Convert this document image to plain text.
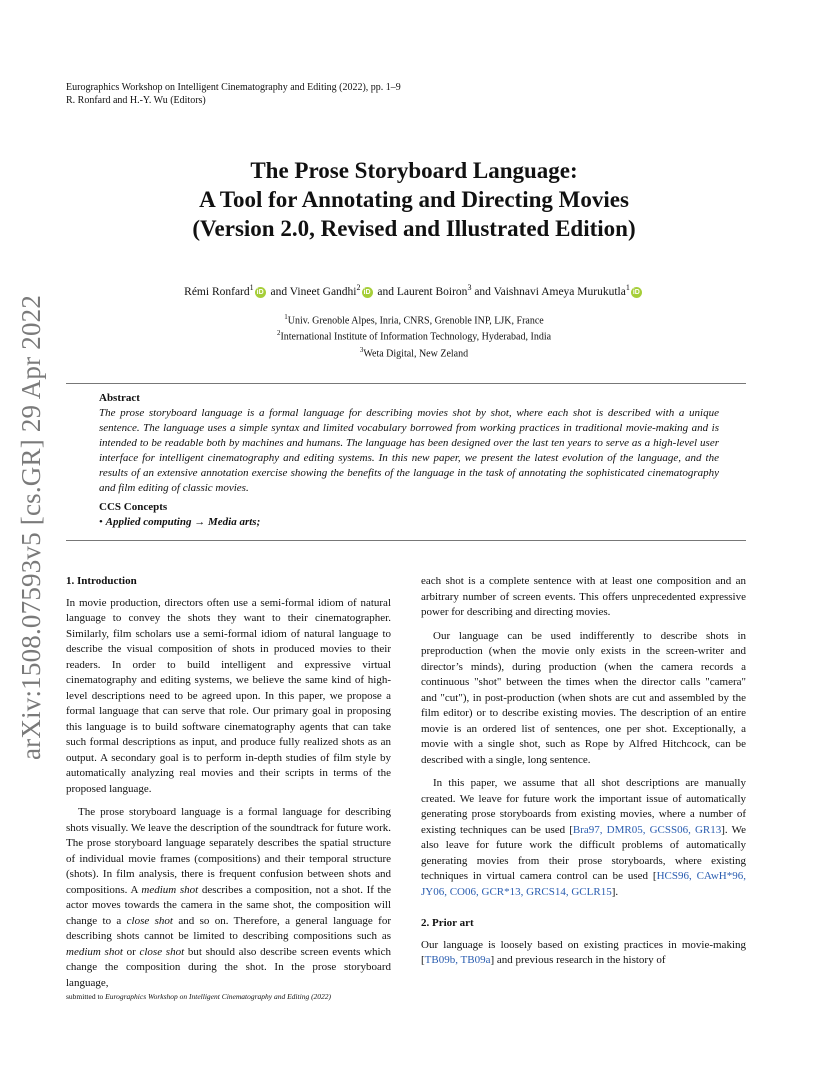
Eurographics Workshop on Intelligent Cinematography and Editing (2022), pp. 1–9
R. Ronfard and H.-Y. Wu (Editors)
arXiv:1508.07593v5 [cs.GR] 29 Apr 2022
The Prose Storyboard Language:
A Tool for Annotating and Directing Movies
(Version 2.0, Revised and Illustrated Edition)
Rémi Ronfard$^1$iD and Vineet Gandhi$^2$iD and Laurent Boiron$^3$ and Vaishnavi Ameya Murukutla$^1$iD
$^1$Univ. Grenoble Alpes, Inria, CNRS, Grenoble INP, LJK, France
$^2$International Institute of Information Technology, Hyderabad, India
$^3$Weta Digital, New Zeland
Abstract
The prose storyboard language is a formal language for describing movies shot by shot, where each shot is described with a unique sentence. The language uses a simple syntax and limited vocabulary borrowed from working practices in traditional movie-making and is intended to be readable both by machines and humans. The language has been designed over the last ten years to serve as a high-level user interface for intelligent cinematography and editing systems. In this new paper, we present the latest evolution of the language, and the results of an extensive annotation exercise showing the benefits of the language in the task of annotating the sophisticated cinematography and film editing of classic movies.
CCS Concepts
• Applied computing → Media arts;
1. Introduction

In movie production, directors often use a semi-formal idiom of natural language to convey the shots they want to their cinematographer. Similarly, film scholars use a semi-formal idiom of natural language to describe the visual composition of shots in produced movies to their readers. In order to build intelligent and expressive virtual cinematography and editing systems, we believe the same kind of high-level descriptions need to be agreed upon. In this paper, we propose a formal language that can serve that role. Our primary goal in proposing this language is to build software cinematography agents that can take such formal descriptions as input, and produce fully realized shots as an output. A secondary goal is to perform in-depth studies of film style by automatically analyzing real movies and their scripts in terms of the proposed language.

The prose storyboard language is a formal language for describing shots visually. We leave the description of the soundtrack for future work. The prose storyboard language separately describes the spatial structure of individual movie frames (compositions) and their temporal structure (shots). In film analysis, there is frequent confusion between shots and compositions. A medium shot describes a composition, not a shot. If the actor moves towards the camera in the same shot, the composition will change to a close shot and so on. Therefore, a general language for describing shots cannot be limited to describing compositions such as medium shot or close shot but should also describe screen events which change the composition during the shot. In the prose storyboard language,

each shot is a complete sentence with at least one composition and an arbitrary number of screen events. This offers unprecedented expressive power for describing and directing movies.

Our language can be used indifferently to describe shots in preproduction (when the movie only exists in the screen-writer and director’s minds), during production (when the camera records a continuous "shot" between the times when the director calls "camera" and "cut"), in post-production (when shots are cut and assembled by the film editor) or to describe existing movies. The description of an entire movie is an ordered list of sentences, one per shot. Exceptionally, a movie with a single shot, such as Rope by Alfred Hitchcock, can be described with a single, long sentence.

In this paper, we assume that all shot descriptions are manually created. We leave for future work the important issue of automatically generating prose storyboards from existing movies, where a number of existing techniques can be used [Bra97, DMR05, GCSS06, GR13]. We also leave for future work the difficult problems of automatically generating movies from their prose storyboards, where existing techniques in virtual camera control can be used [HCS96, CAwH*96, JY06, CO06, GCR*13, GRCS14, GCLR15].

2. Prior art

Our language is loosely based on existing practices in movie-making [TB09b, TB09a] and previous research in the history of

submitted to Eurographics Workshop on Intelligent Cinematography and Editing (2022)
